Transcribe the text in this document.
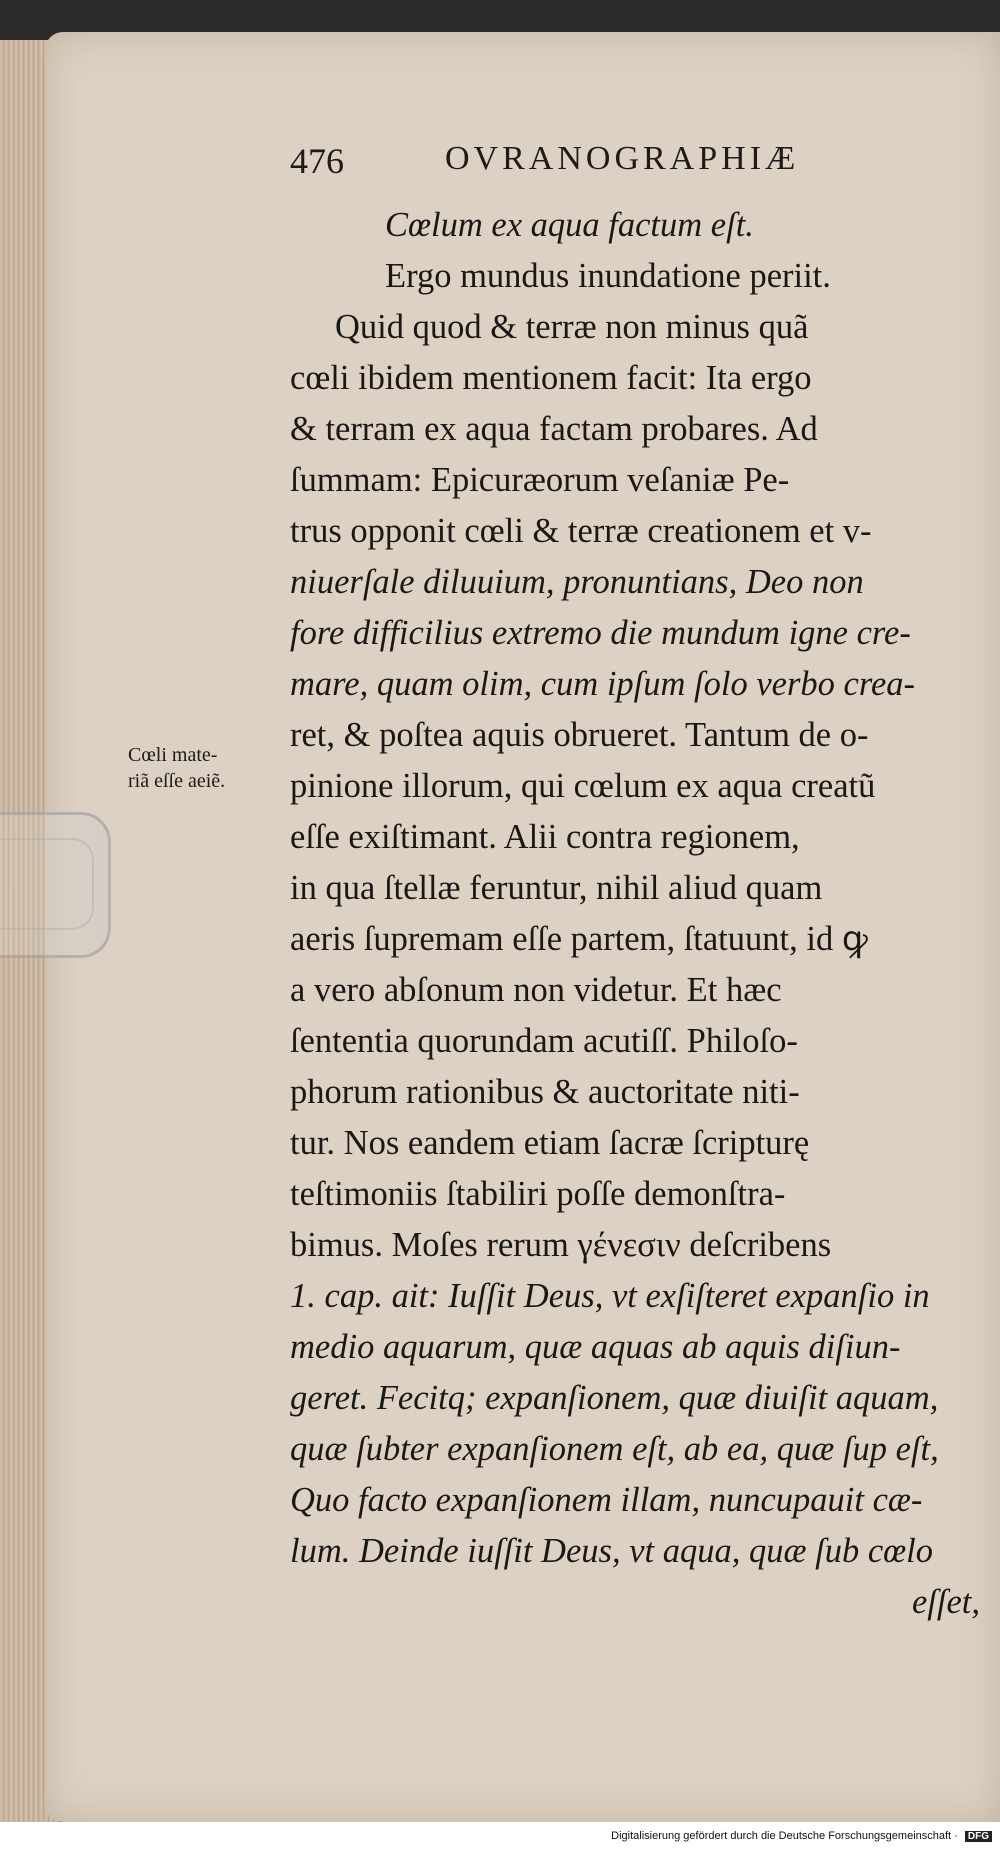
476	OVRANOGRAPHIÆ
Cœli mate-
riã eſſe aeiẽ.
Cœlum ex aqua factum eſt.
Ergo mundus inundatione periit.
Quid quod & terræ non minus quã
cœli ibidem mentionem facit: Ita ergo
& terram ex aqua factam probares. Ad
ſummam: Epicuræorum veſaniæ Pe-
trus opponit cœli & terræ creationem et v-
niuerſale diluuium, pronuntians, Deo non
fore difficilius extremo die mundum igne cre-
mare, quam olim, cum ipſum ſolo verbo crea-
ret, & poſtea aquis obrueret. Tantum de o-
pinione illorum, qui cœlum ex aqua creatũ
eſſe exiſtimant. Alii contra regionem,
in qua ſtellæ feruntur, nihil aliud quam
aeris ſupremam eſſe partem, ſtatuunt, id ꝙ
a vero abſonum non videtur. Et hæc
ſententia quorundam acutiſſ. Philoſo-
phorum rationibus & auctoritate niti-
tur. Nos eandem etiam ſacræ ſcripturę
teſtimoniis ſtabiliri poſſe demonſtra-
bimus. Moſes rerum γένεσιν deſcribens
1. cap. ait: Iuſſit Deus, vt exſiſteret expanſio in
medio aquarum, quæ aquas ab aquis diſiun-
geret. Fecitq; expanſionem, quæ diuiſit aquam,
quæ ſubter expanſionem eſt, ab ea, quæ ſup eſt,
Quo facto expanſionem illam, nuncupauit cæ-
lum. Deinde iuſſit Deus, vt aqua, quæ ſub cœlo
eſſet,
Digitalisierung gefördert durch die Deutsche Forschungsgemeinschaft · DFG
